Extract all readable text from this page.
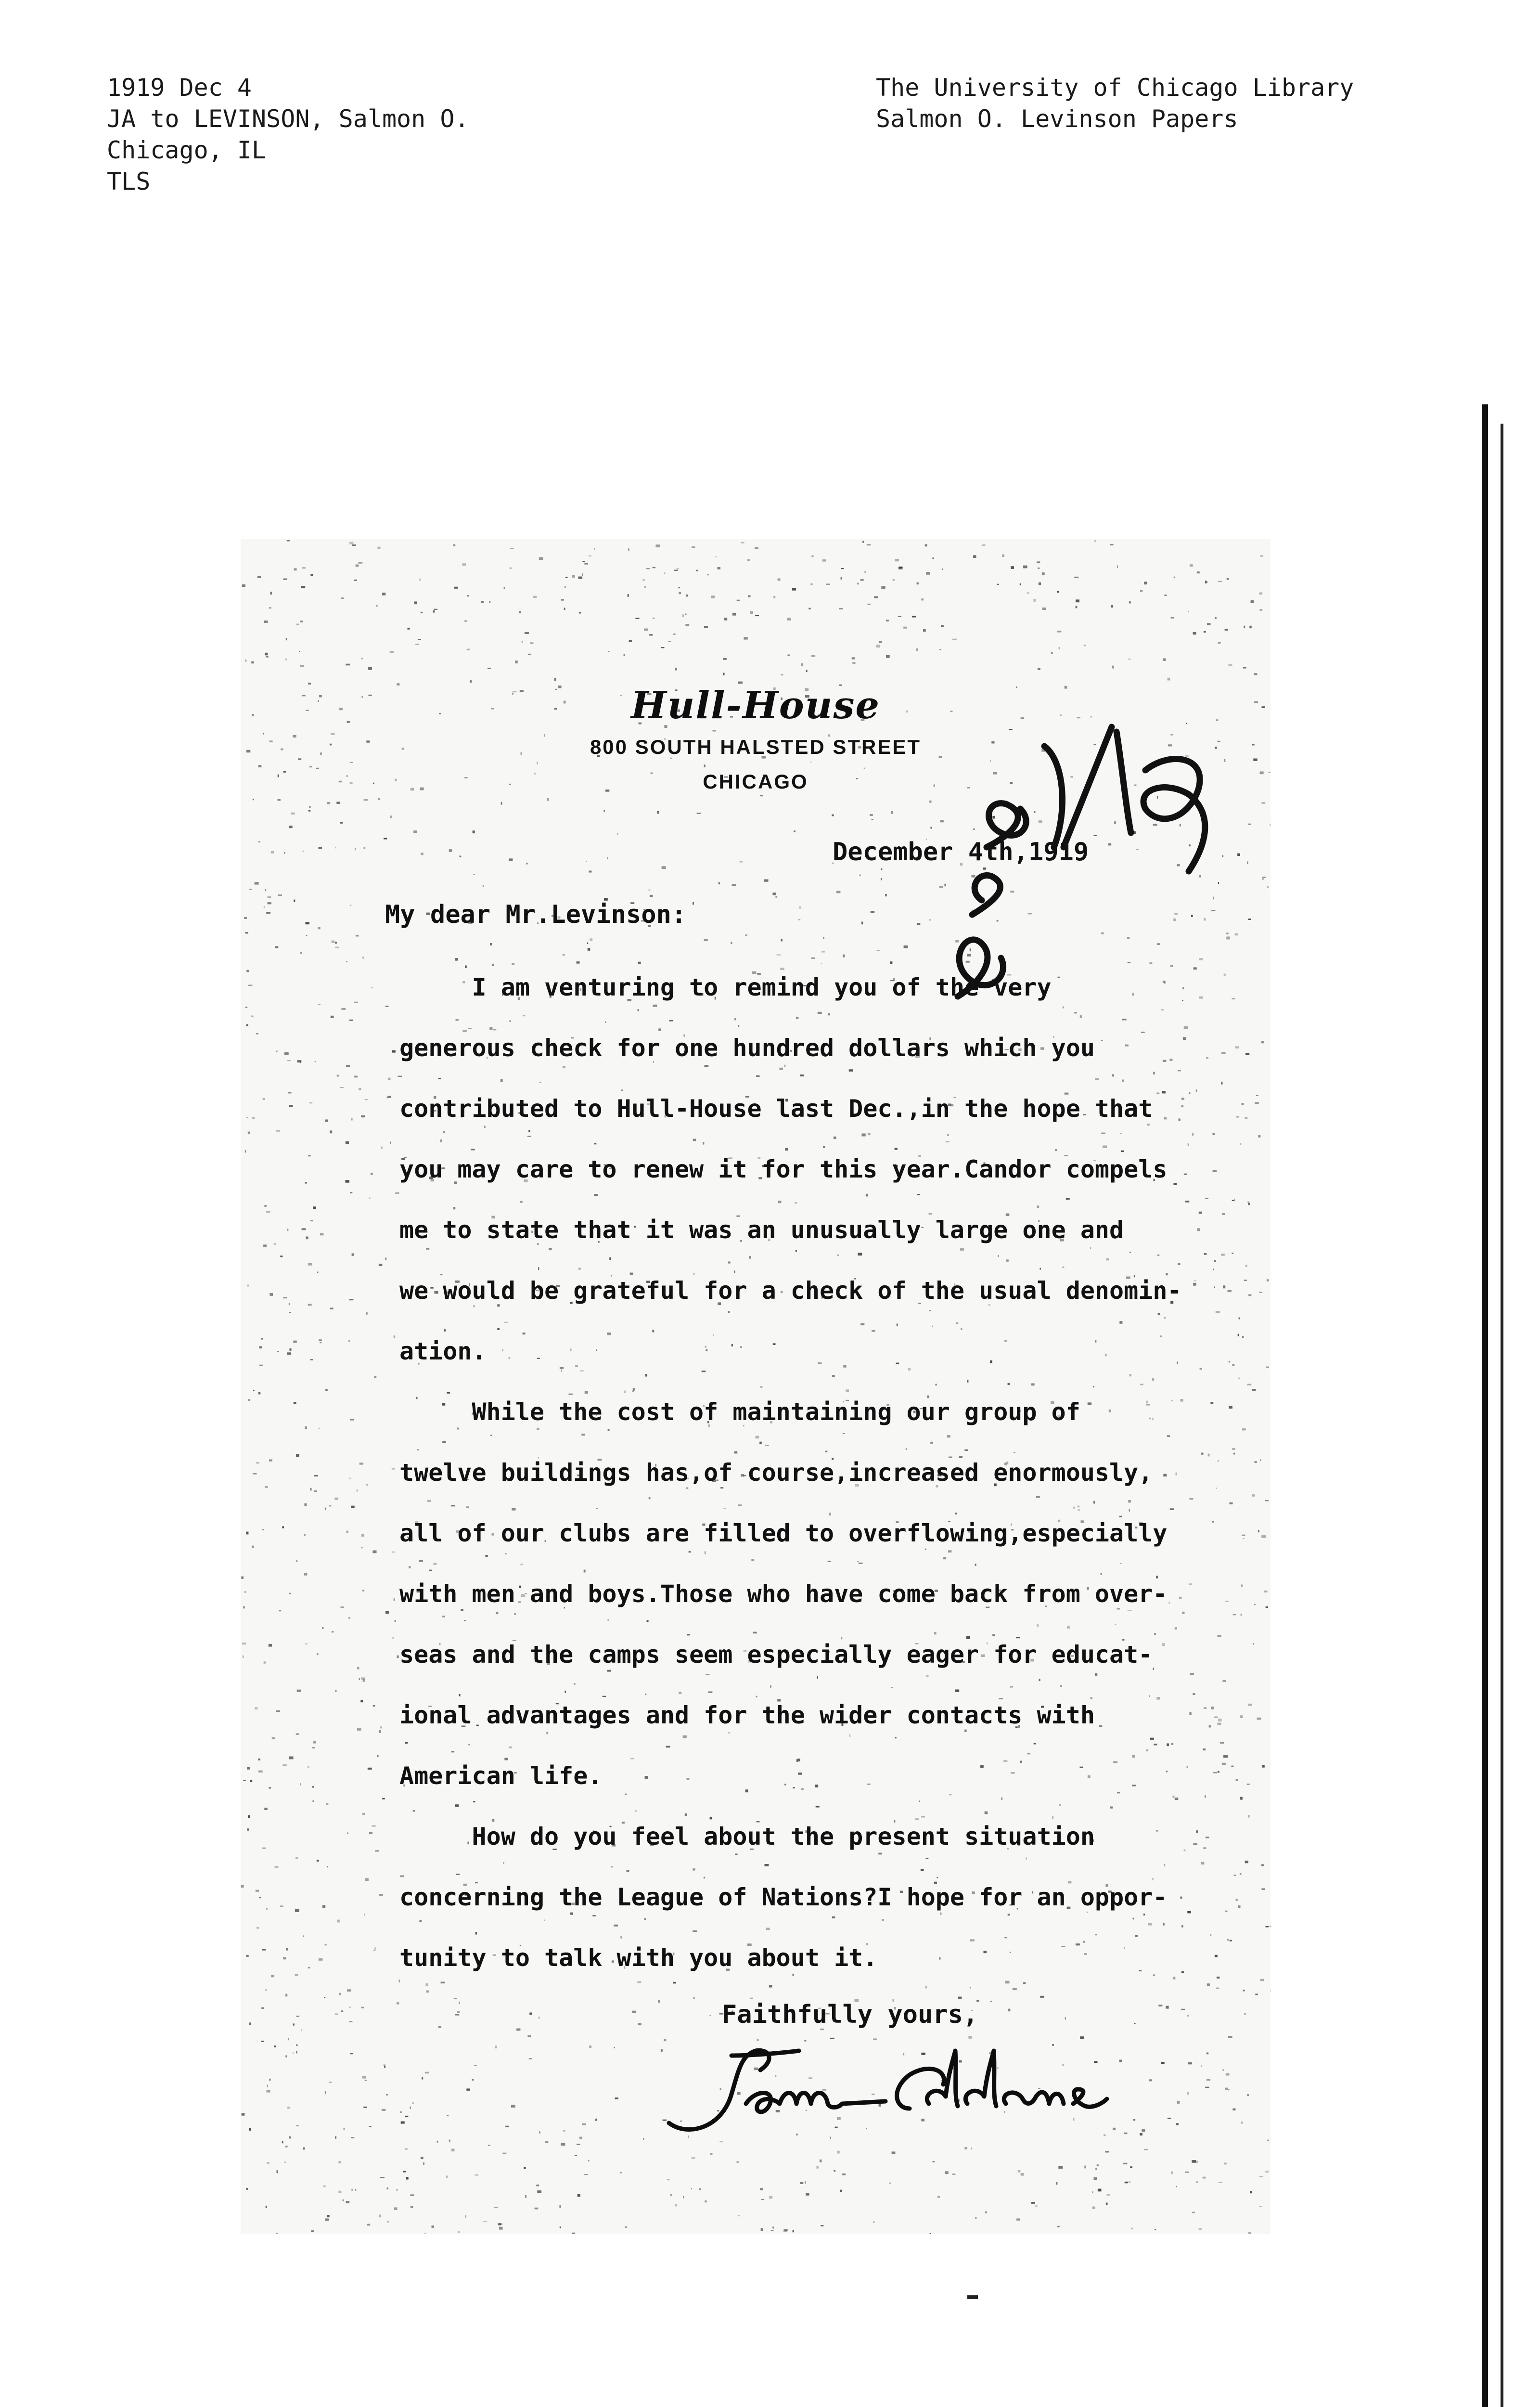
1919 Dec 4
JA to LEVINSON, Salmon O.
Chicago, IL
TLS
The University of Chicago Library
Salmon O. Levinson Papers
Hull-House
800 SOUTH HALSTED STREET
CHICAGO
December 4th,1919
My dear Mr.Levinson:
I am venturing to remind you of the very
generous check for one hundred dollars which you
contributed to Hull-House last Dec.,in the hope that
you may care to renew it for this year.Candor compels
me to state that it was an unusually large one and
we would be grateful for a check of the usual denomin-
ation.
While the cost of maintaining our group of
twelve buildings has,of course,increased enormously,
all of our clubs are filled to overflowing,especially
with men and boys.Those who have come back from over-
seas and the camps seem especially eager for educat-
ional advantages and for the wider contacts with
American life.
How do you feel about the present situation
concerning the League of Nations?I hope for an oppor-
tunity to talk with you about it.
Faithfully yours,
